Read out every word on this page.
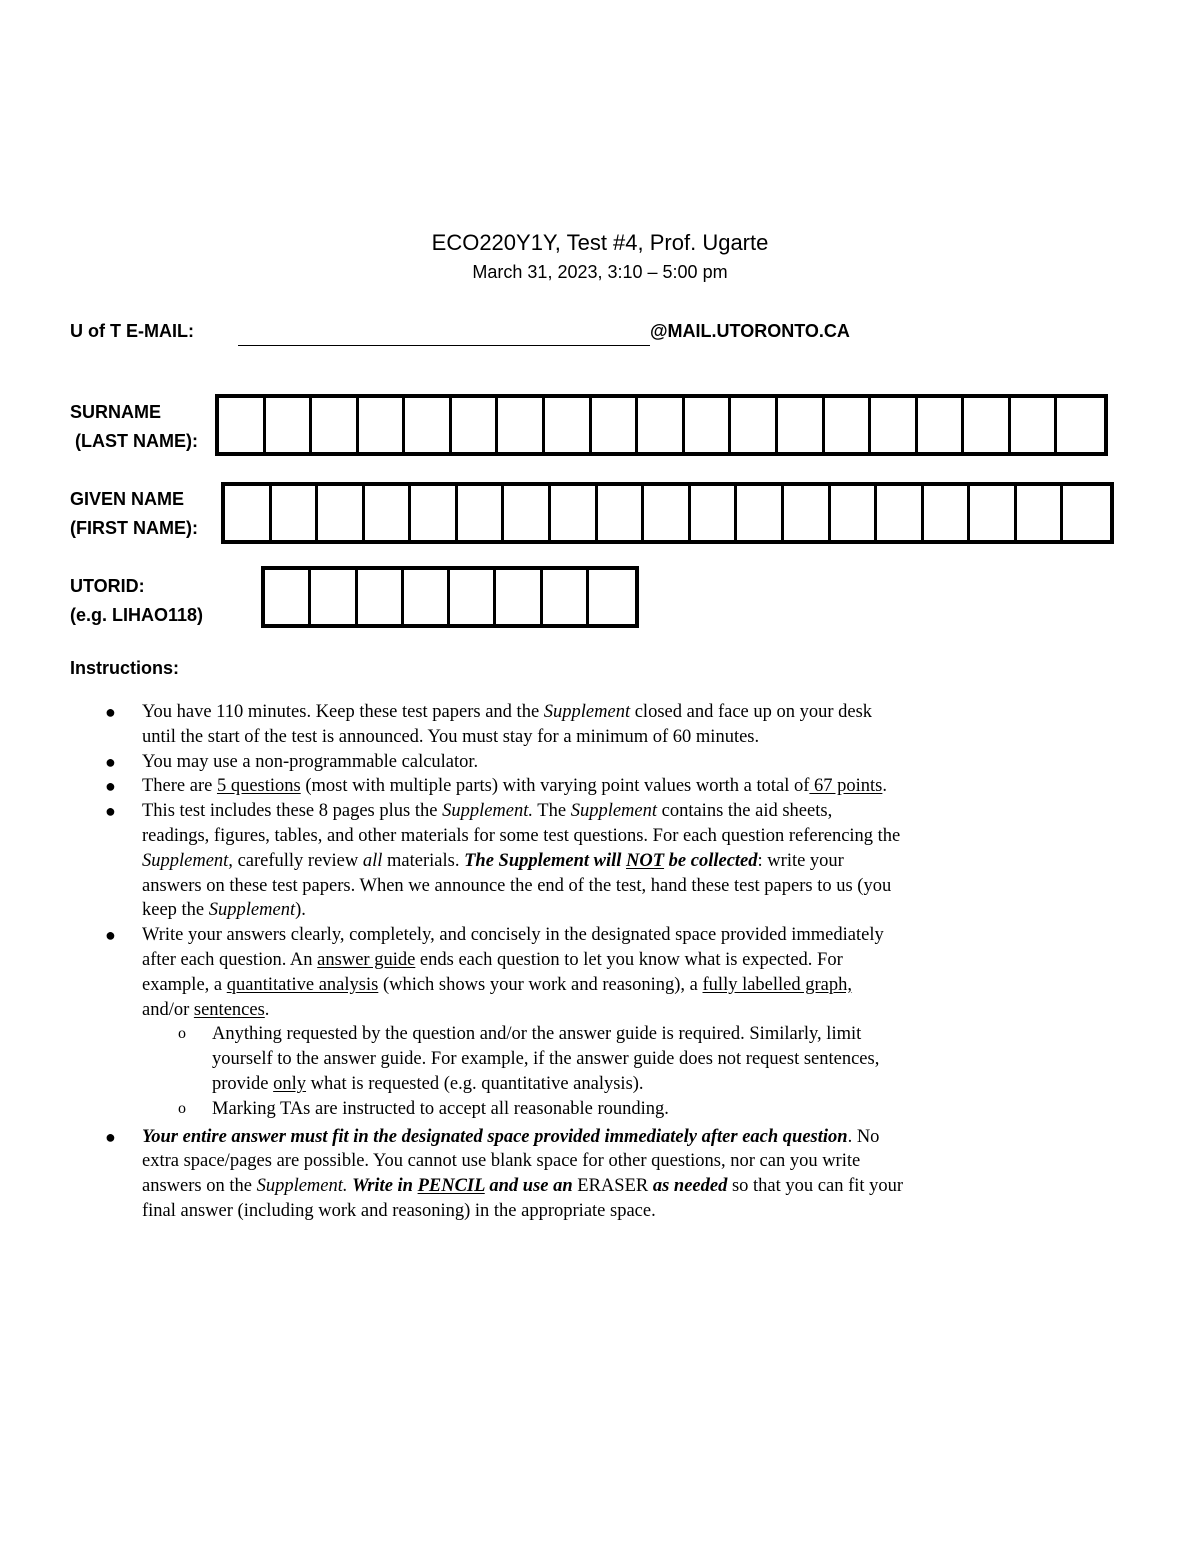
ECO220Y1Y, Test #4, Prof. Ugarte
March 31, 2023, 3:10 – 5:00 pm
U of T E-MAIL:	@MAIL.UTORONTO.CA
SURNAME
(LAST NAME):
GIVEN NAME
(FIRST NAME):
UTORID:
(e.g. LIHAO118)
Instructions:
● You have 110 minutes. Keep these test papers and the Supplement closed and face up on your desk
until the start of the test is announced. You must stay for a minimum of 60 minutes.
● You may use a non-programmable calculator.
● There are 5 questions (most with multiple parts) with varying point values worth a total of 67 points.
● This test includes these 8 pages plus the Supplement. The Supplement contains the aid sheets,
readings, figures, tables, and other materials for some test questions. For each question referencing the
Supplement, carefully review all materials. The Supplement will NOT be collected: write your
answers on these test papers. When we announce the end of the test, hand these test papers to us (you
keep the Supplement).
● Write your answers clearly, completely, and concisely in the designated space provided immediately
after each question. An answer guide ends each question to let you know what is expected. For
example, a quantitative analysis (which shows your work and reasoning), a fully labelled graph,
and/or sentences.
o Anything requested by the question and/or the answer guide is required. Similarly, limit
yourself to the answer guide. For example, if the answer guide does not request sentences,
provide only what is requested (e.g. quantitative analysis).
o Marking TAs are instructed to accept all reasonable rounding.
● Your entire answer must fit in the designated space provided immediately after each question. No
extra space/pages are possible. You cannot use blank space for other questions, nor can you write
answers on the Supplement. Write in PENCIL and use an ERASER as needed so that you can fit your
final answer (including work and reasoning) in the appropriate space.
